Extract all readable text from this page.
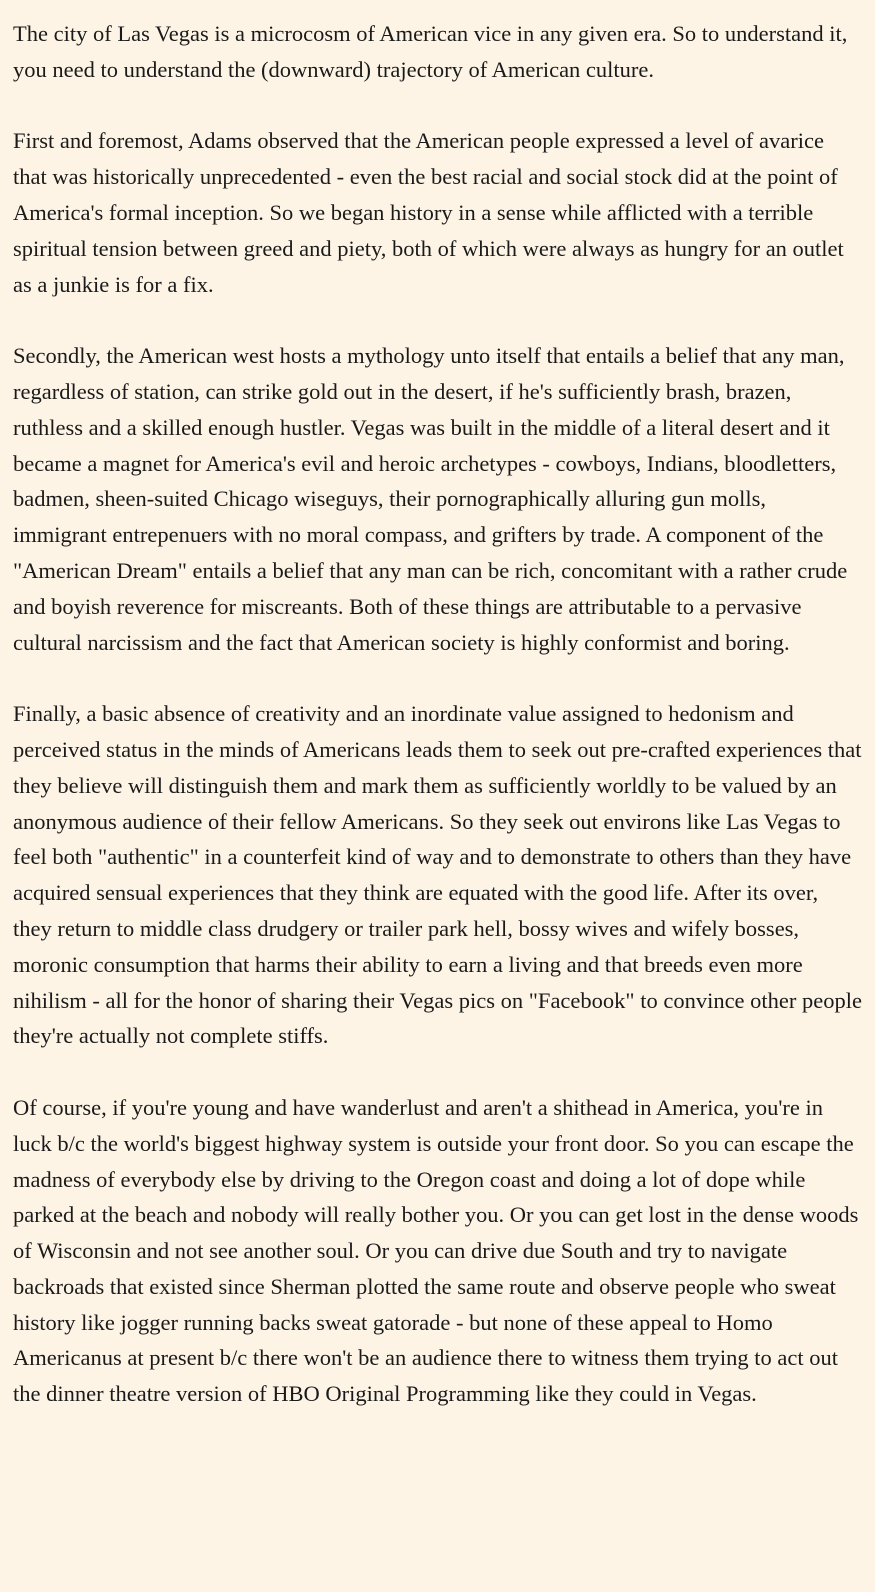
The city of Las Vegas is a microcosm of American vice in any given era. So to understand it, you need to understand the (downward) trajectory of American culture.

First and foremost, Adams observed that the American people expressed a level of avarice that was historically unprecedented - even the best racial and social stock did at the point of America's formal inception. So we began history in a sense while afflicted with a terrible spiritual tension between greed and piety, both of which were always as hungry for an outlet as a junkie is for a fix.

Secondly, the American west hosts a mythology unto itself that entails a belief that any man, regardless of station, can strike gold out in the desert, if he's sufficiently brash, brazen, ruthless and a skilled enough hustler. Vegas was built in the middle of a literal desert and it became a magnet for America's evil and heroic archetypes - cowboys, Indians, bloodletters, badmen, sheen-suited Chicago wiseguys, their pornographically alluring gun molls, immigrant entrepenuers with no moral compass, and grifters by trade. A component of the "American Dream" entails a belief that any man can be rich, concomitant with a rather crude and boyish reverence for miscreants. Both of these things are attributable to a pervasive cultural narcissism and the fact that American society is highly conformist and boring.

Finally, a basic absence of creativity and an inordinate value assigned to hedonism and perceived status in the minds of Americans leads them to seek out pre-crafted experiences that they believe will distinguish them and mark them as sufficiently worldly to be valued by an anonymous audience of their fellow Americans. So they seek out environs like Las Vegas to feel both "authentic" in a counterfeit kind of way and to demonstrate to others than they have acquired sensual experiences that they think are equated with the good life. After its over, they return to middle class drudgery or trailer park hell, bossy wives and wifely bosses, moronic consumption that harms their ability to earn a living and that breeds even more nihilism - all for the honor of sharing their Vegas pics on "Facebook" to convince other people they're actually not complete stiffs.

Of course, if you're young and have wanderlust and aren't a shithead in America, you're in luck b/c the world's biggest highway system is outside your front door. So you can escape the madness of everybody else by driving to the Oregon coast and doing a lot of dope while parked at the beach and nobody will really bother you. Or you can get lost in the dense woods of Wisconsin and not see another soul. Or you can drive due South and try to navigate backroads that existed since Sherman plotted the same route and observe people who sweat history like jogger running backs sweat gatorade - but none of these appeal to Homo Americanus at present b/c there won't be an audience there to witness them trying to act out the dinner theatre version of HBO Original Programming like they could in Vegas.
